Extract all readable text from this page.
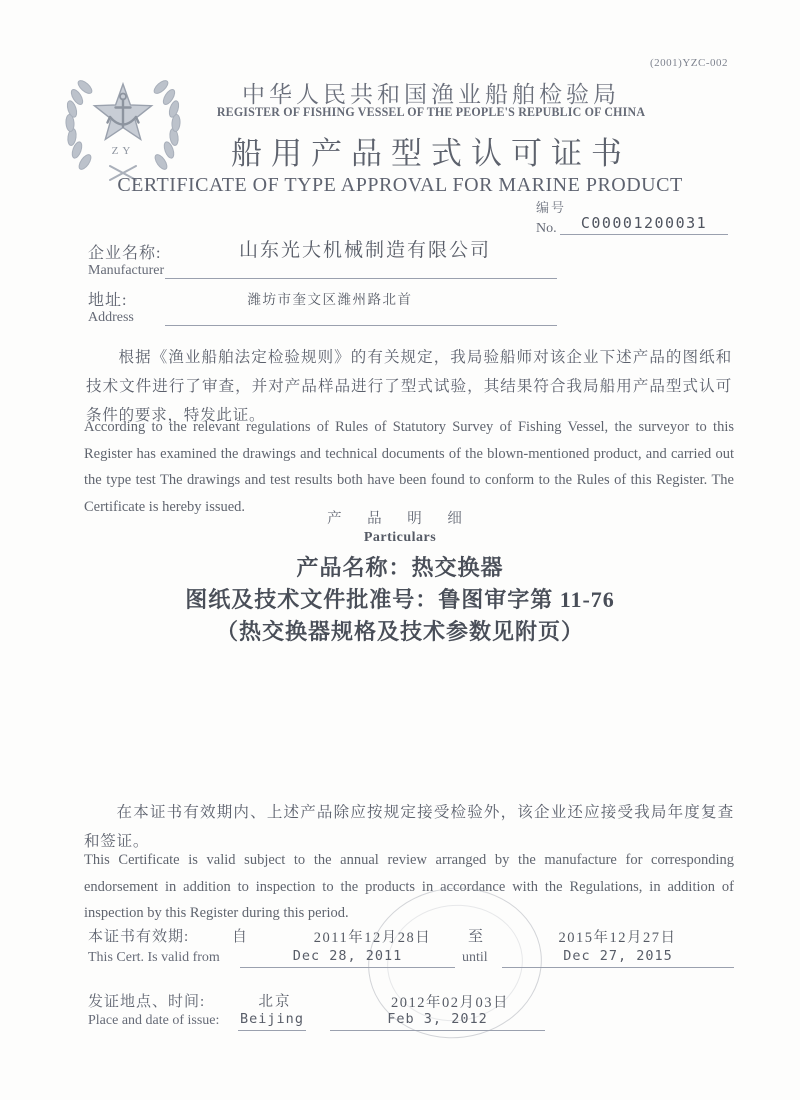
(2001)YZC-002
ZY
中华人民共和国渔业船舶检验局
REGISTER OF FISHING VESSEL OF THE PEOPLE'S REPUBLIC OF CHINA
船用产品型式认可证书
CERTIFICATE OF TYPE APPROVAL FOR MARINE PRODUCT
编号
No.	C00001200031
企业名称:	山东光大机械制造有限公司
Manufacturer
地址:	潍坊市奎文区潍州路北首
Address
根据《渔业船舶法定检验规则》的有关规定，我局验船师对该企业下述产品的图纸和技术文件进行了审查，并对产品样品进行了型式试验，其结果符合我局船用产品型式认可条件的要求，特发此证。
According to the relevant regulations of Rules of Statutory Survey of Fishing Vessel, the surveyor to this Register has examined the drawings and technical documents of the blown-mentioned product, and carried out the type test The drawings and test results both have been found to conform to the Rules of this Register. The Certificate is hereby issued.
产 品 明 细
Particulars
产品名称：热交换器
图纸及技术文件批准号：鲁图审字第 11-76
（热交换器规格及技术参数见附页）
在本证书有效期内、上述产品除应按规定接受检验外，该企业还应接受我局年度复查和签证。
This Certificate is valid subject to the annual review arranged by the manufacture for corresponding endorsement in addition to inspection to the products in accordance with the Regulations, in addition of inspection by this Register during this period.
本证书有效期:	自	2011年12月28日	至	2015年12月27日
This Cert. Is valid from	Dec 28, 2011	until	Dec 27, 2015
发证地点、时间:	北京	2012年02月03日
Place and date of issue: Beijing	Feb 3, 2012
